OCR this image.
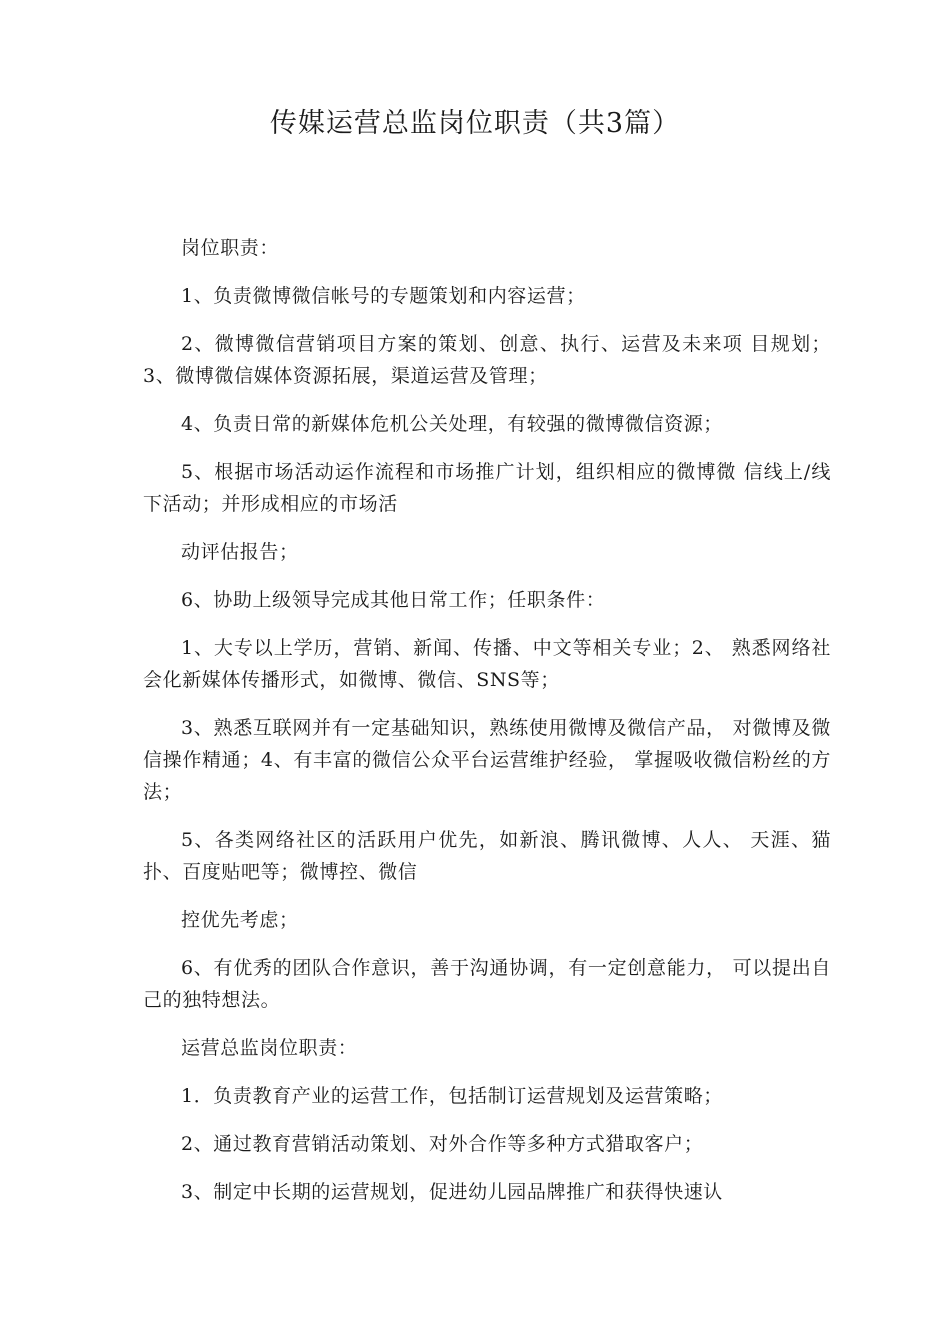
传媒运营总监岗位职责（共3篇）

岗位职责：

1、负责微博微信帐号的专题策划和内容运营；

2、微博微信营销项目方案的策划、创意、执行、运营及未来项 目规划；3、微博微信媒体资源拓展，渠道运营及管理；

4、负责日常的新媒体危机公关处理，有较强的微博微信资源；

5、根据市场活动运作流程和市场推广计划，组织相应的微博微 信线上/线下活动；并形成相应的市场活

动评估报告；

6、协助上级领导完成其他日常工作；任职条件：

1、大专以上学历，营销、新闻、传播、中文等相关专业；2、 熟悉网络社会化新媒体传播形式，如微博、微信、SNS等；

3、熟悉互联网并有一定基础知识，熟练使用微博及微信产品， 对微博及微信操作精通；4、有丰富的微信公众平台运营维护经验， 掌握吸收微信粉丝的方法；

5、各类网络社区的活跃用户优先，如新浪、腾讯微博、人人、 天涯、猫扑、百度贴吧等；微博控、微信

控优先考虑；

6、有优秀的团队合作意识，善于沟通协调，有一定创意能力， 可以提出自己的独特想法。

运营总监岗位职责：

1．负责教育产业的运营工作，包括制订运营规划及运营策略；

2、通过教育营销活动策划、对外合作等多种方式猎取客户；

3、制定中长期的运营规划，促进幼儿园品牌推广和获得快速认
